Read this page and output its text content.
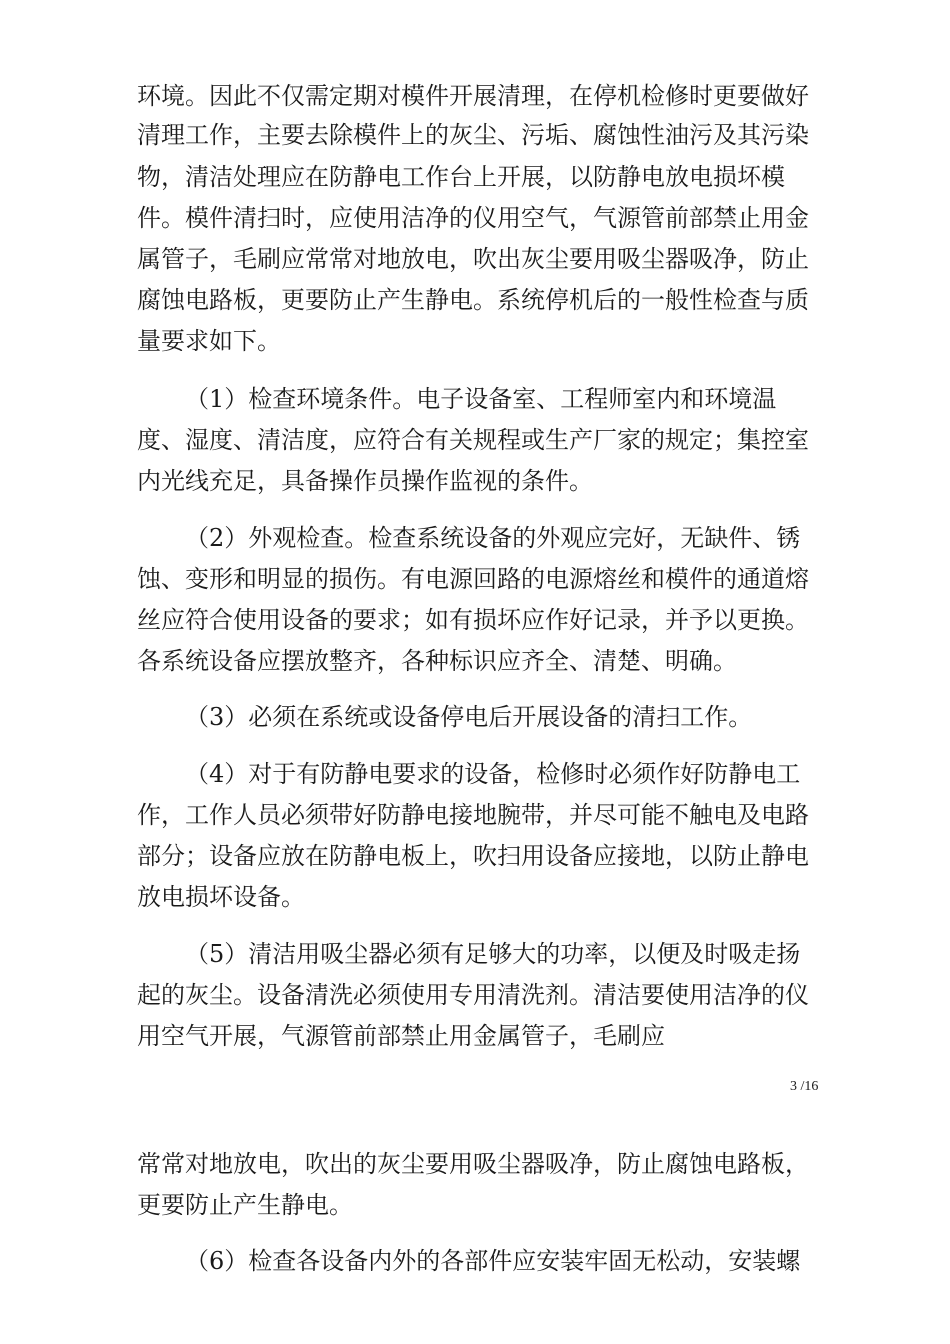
环境。因此不仅需定期对模件开展清理，在停机检修时更要做好
清理工作，主要去除模件上的灰尘、污垢、腐蚀性油污及其污染
物，清洁处理应在防静电工作台上开展，以防静电放电损坏模
件。模件清扫时，应使用洁净的仪用空气，气源管前部禁止用金
属管子，毛刷应常常对地放电，吹出灰尘要用吸尘器吸净，防止
腐蚀电路板，更要防止产生静电。系统停机后的一般性检查与质
量要求如下。
（1）检查环境条件。电子设备室、工程师室内和环境温
度、湿度、清洁度，应符合有关规程或生产厂家的规定；集控室
内光线充足，具备操作员操作监视的条件。
（2）外观检查。检查系统设备的外观应完好，无缺件、锈
蚀、变形和明显的损伤。有电源回路的电源熔丝和模件的通道熔
丝应符合使用设备的要求；如有损坏应作好记录，并予以更换。
各系统设备应摆放整齐，各种标识应齐全、清楚、明确。
（3）必须在系统或设备停电后开展设备的清扫工作。
（4）对于有防静电要求的设备，检修时必须作好防静电工
作，工作人员必须带好防静电接地腕带，并尽可能不触电及电路
部分；设备应放在防静电板上，吹扫用设备应接地，以防止静电
放电损坏设备。
（5）清洁用吸尘器必须有足够大的功率，以便及时吸走扬
起的灰尘。设备清洗必须使用专用清洗剂。清洁要使用洁净的仪
用空气开展，气源管前部禁止用金属管子，毛刷应
3 /16
常常对地放电，吹出的灰尘要用吸尘器吸净，防止腐蚀电路板，
更要防止产生静电。
（6）检查各设备内外的各部件应安装牢固无松动，安装螺
